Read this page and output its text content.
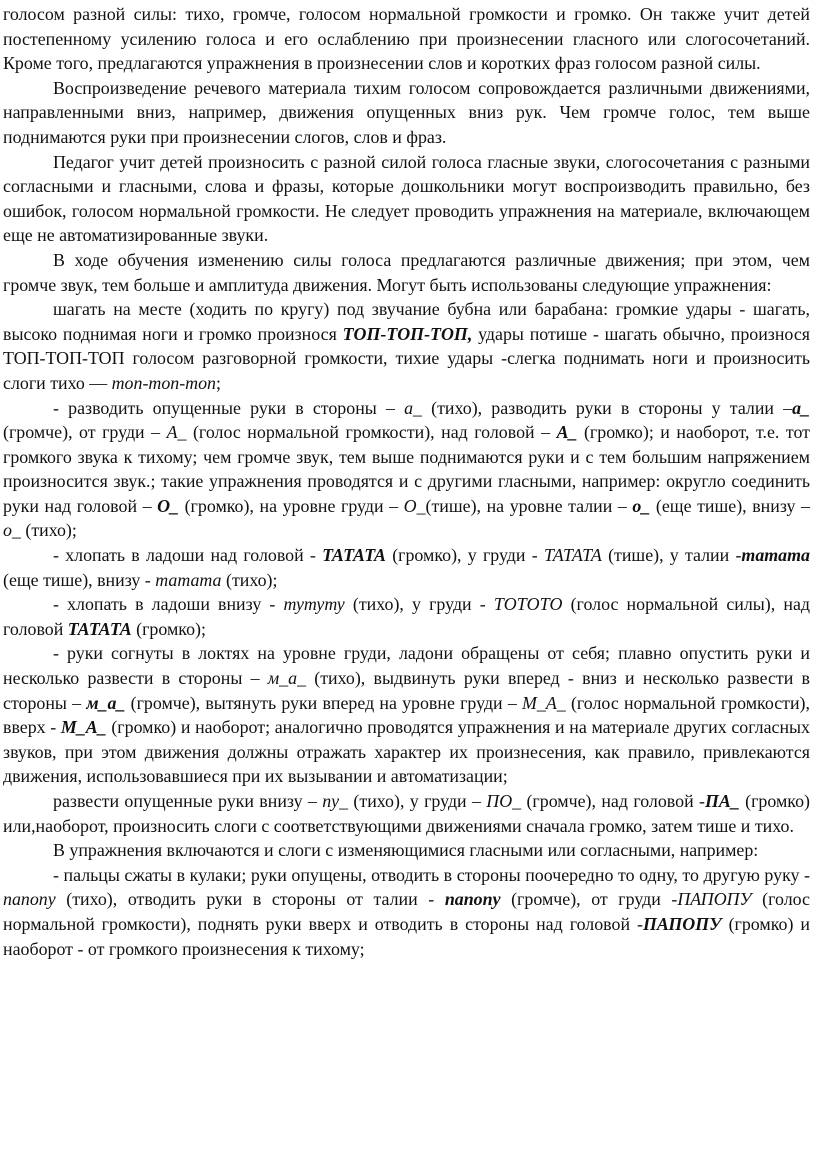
голосом разной силы: тихо, громче, голосом нормальной громкости и громко. Он также учит детей постепенному усилению голоса и его ослаблению при произнесении гласного или слогосочетаний. Кроме того, предлагаются упражнения в произнесении слов и коротких фраз голосом разной силы.

Воспроизведение речевого материала тихим голосом сопровождается различными движениями, направленными вниз, например, движения опущенных вниз рук. Чем громче голос, тем выше поднимаются руки при произнесении слогов, слов и фраз.

Педагог учит детей произносить с разной силой голоса гласные звуки, слогосочетания с разными согласными и гласными, слова и фразы, которые дошкольники могут воспроизводить правильно, без ошибок, голосом нормальной громкости. Не следует проводить упражнения на материале, включающем еще не автоматизированные звуки.

В ходе обучения изменению силы голоса предлагаются различные движения; при этом, чем громче звук, тем больше и амплитуда движения. Могут быть использованы следующие упражнения:

шагать на месте (ходить по кругу) под звучание бубна или барабана: громкие удары - шагать, высоко поднимая ноги и громко произнося ТОП-ТОП-ТОП, удары потише - шагать обычно, произнося ТОП-ТОП-ТОП голосом разговорной громкости, тихие удары -слегка поднимать ноги и произносить слоги тихо — топ-топ-топ;

- разводить опущенные руки в стороны – а_ (тихо), разводить руки в стороны у талии –а_ (громче), от груди – А_ (голос нормальной громкости), над головой – А_ (громко); и наоборот, т.е. тот громкого звука к тихому; чем громче звук, тем выше поднимаются руки и с тем большим напряжением произносится звук.; такие упражнения проводятся и с другими гласными, например: округло соединить руки над головой – О_ (громко), на уровне груди – О_(тише), на уровне талии – о_ (еще тише), внизу – о_ (тихо);

- хлопать в ладоши над головой - ТАТАТА (громко), у груди - ТАТАТА (тише), у талии -татата (еще тише), внизу - татата (тихо);

- хлопать в ладоши внизу - тутуту (тихо), у груди - ТОТОТО (голос нормальной силы), над головой ТАТАТА (громко);

- руки согнуты в локтях на уровне груди, ладони обращены от себя; плавно опустить руки и несколько развести в стороны – м_а_ (тихо), выдвинуть руки вперед - вниз и несколько развести в стороны – м_а_ (громче), вытянуть руки вперед на уровне груди – М_А_ (голос нормальной громкости), вверх - М_А_ (громко) и наоборот; аналогично проводятся упражнения и на материале других согласных звуков, при этом движения должны отражать характер их произнесения, как правило, привлекаются движения, использовавшиеся при их вызывании и автоматизации;

развести опущенные руки внизу – пу_ (тихо), у груди – ПО_ (громче), над головой -ПА_ (громко) или,наоборот, произносить слоги с соответствующими движениями сначала громко, затем тише и тихо.

В упражнения включаются и слоги с изменяющимися гласными или согласными, например:

- пальцы сжаты в кулаки; руки опущены, отводить в стороны поочередно то одну, то другую руку - папопу (тихо), отводить руки в стороны от талии - папопу (громче), от груди -ПАПОПУ (голос нормальной громкости), поднять руки вверх и отводить в стороны над головой -ПАПОПУ (громко) и наоборот - от громкого произнесения к тихому;
